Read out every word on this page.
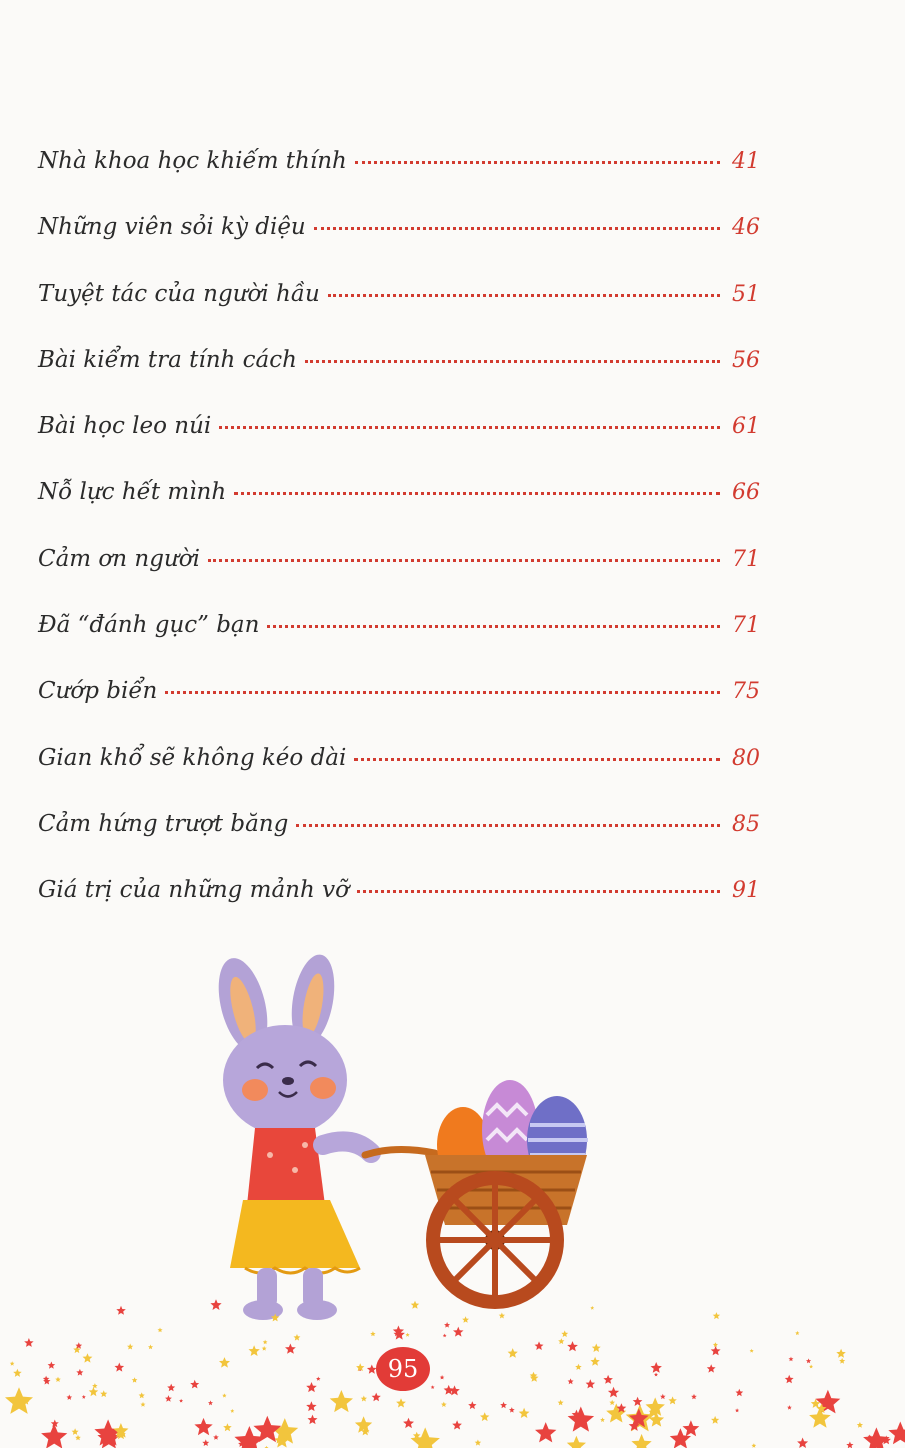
Nhà khoa học khiếm thính	41
Những viên sỏi kỳ diệu	46
Tuyệt tác của người hầu	51
Bài kiểm tra tính cách	56
Bài học leo núi	61
Nỗ lực hết mình	66
Cảm ơn người	71
Đã “đánh gục” bạn	71
Cướp biển	75
Gian khổ sẽ không kéo dài	80
Cảm hứng trượt băng	85
Giá trị của những mảnh vỡ	91
95
